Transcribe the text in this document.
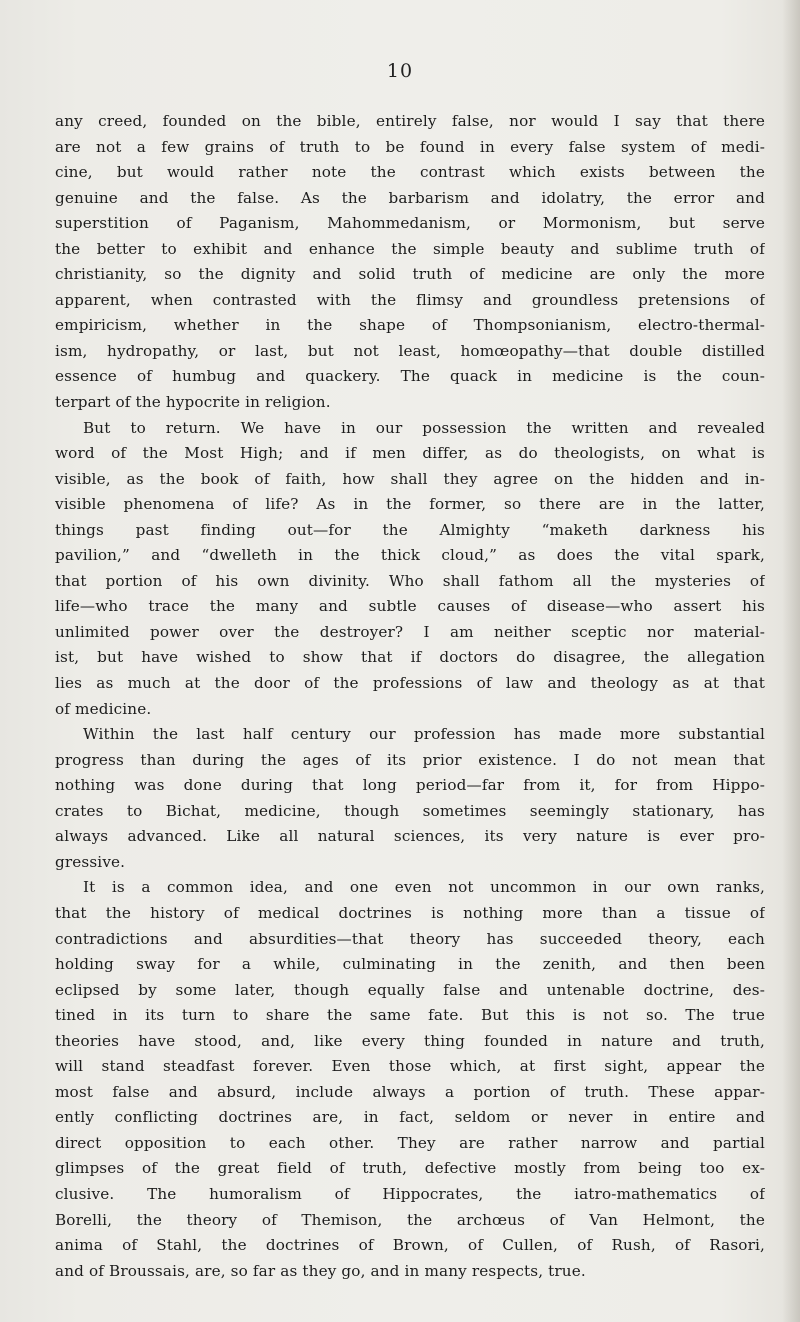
10
any creed, founded on the bible, entirely false, nor would I say that there
are not a few grains of truth to be found in every false system of medi-
cine, but would rather note the contrast which exists between the
genuine and the false. As the barbarism and idolatry, the error and
superstition of Paganism, Mahommedanism, or Mormonism, but serve
the better to exhibit and enhance the simple beauty and sublime truth of
christianity, so the dignity and solid truth of medicine are only the more
apparent, when contrasted with the flimsy and groundless pretensions of
empiricism, whether in the shape of Thompsonianism, electro-thermal-
ism, hydropathy, or last, but not least, homœopathy—that double distilled
essence of humbug and quackery. The quack in medicine is the coun-
terpart of the hypocrite in religion.
But to return. We have in our possession the written and revealed
word of the Most High; and if men differ, as do theologists, on what is
visible, as the book of faith, how shall they agree on the hidden and in-
visible phenomena of life? As in the former, so there are in the latter,
things past finding out—for the Almighty “maketh darkness his
pavilion,” and “dwelleth in the thick cloud,” as does the vital spark,
that portion of his own divinity. Who shall fathom all the mysteries of
life—who trace the many and subtle causes of disease—who assert his
unlimited power over the destroyer? I am neither sceptic nor material-
ist, but have wished to show that if doctors do disagree, the allegation
lies as much at the door of the professions of law and theology as at that
of medicine.
Within the last half century our profession has made more substantial
progress than during the ages of its prior existence. I do not mean that
nothing was done during that long period—far from it, for from Hippo-
crates to Bichat, medicine, though sometimes seemingly stationary, has
always advanced. Like all natural sciences, its very nature is ever pro-
gressive.
It is a common idea, and one even not uncommon in our own ranks,
that the history of medical doctrines is nothing more than a tissue of
contradictions and absurdities—that theory has succeeded theory, each
holding sway for a while, culminating in the zenith, and then been
eclipsed by some later, though equally false and untenable doctrine, des-
tined in its turn to share the same fate. But this is not so. The true
theories have stood, and, like every thing founded in nature and truth,
will stand steadfast forever. Even those which, at first sight, appear the
most false and absurd, include always a portion of truth. These appar-
ently conflicting doctrines are, in fact, seldom or never in entire and
direct opposition to each other. They are rather narrow and partial
glimpses of the great field of truth, defective mostly from being too ex-
clusive. The humoralism of Hippocrates, the iatro-mathematics of
Borelli, the theory of Themison, the archœus of Van Helmont, the
anima of Stahl, the doctrines of Brown, of Cullen, of Rush, of Rasori,
and of Broussais, are, so far as they go, and in many respects, true.
